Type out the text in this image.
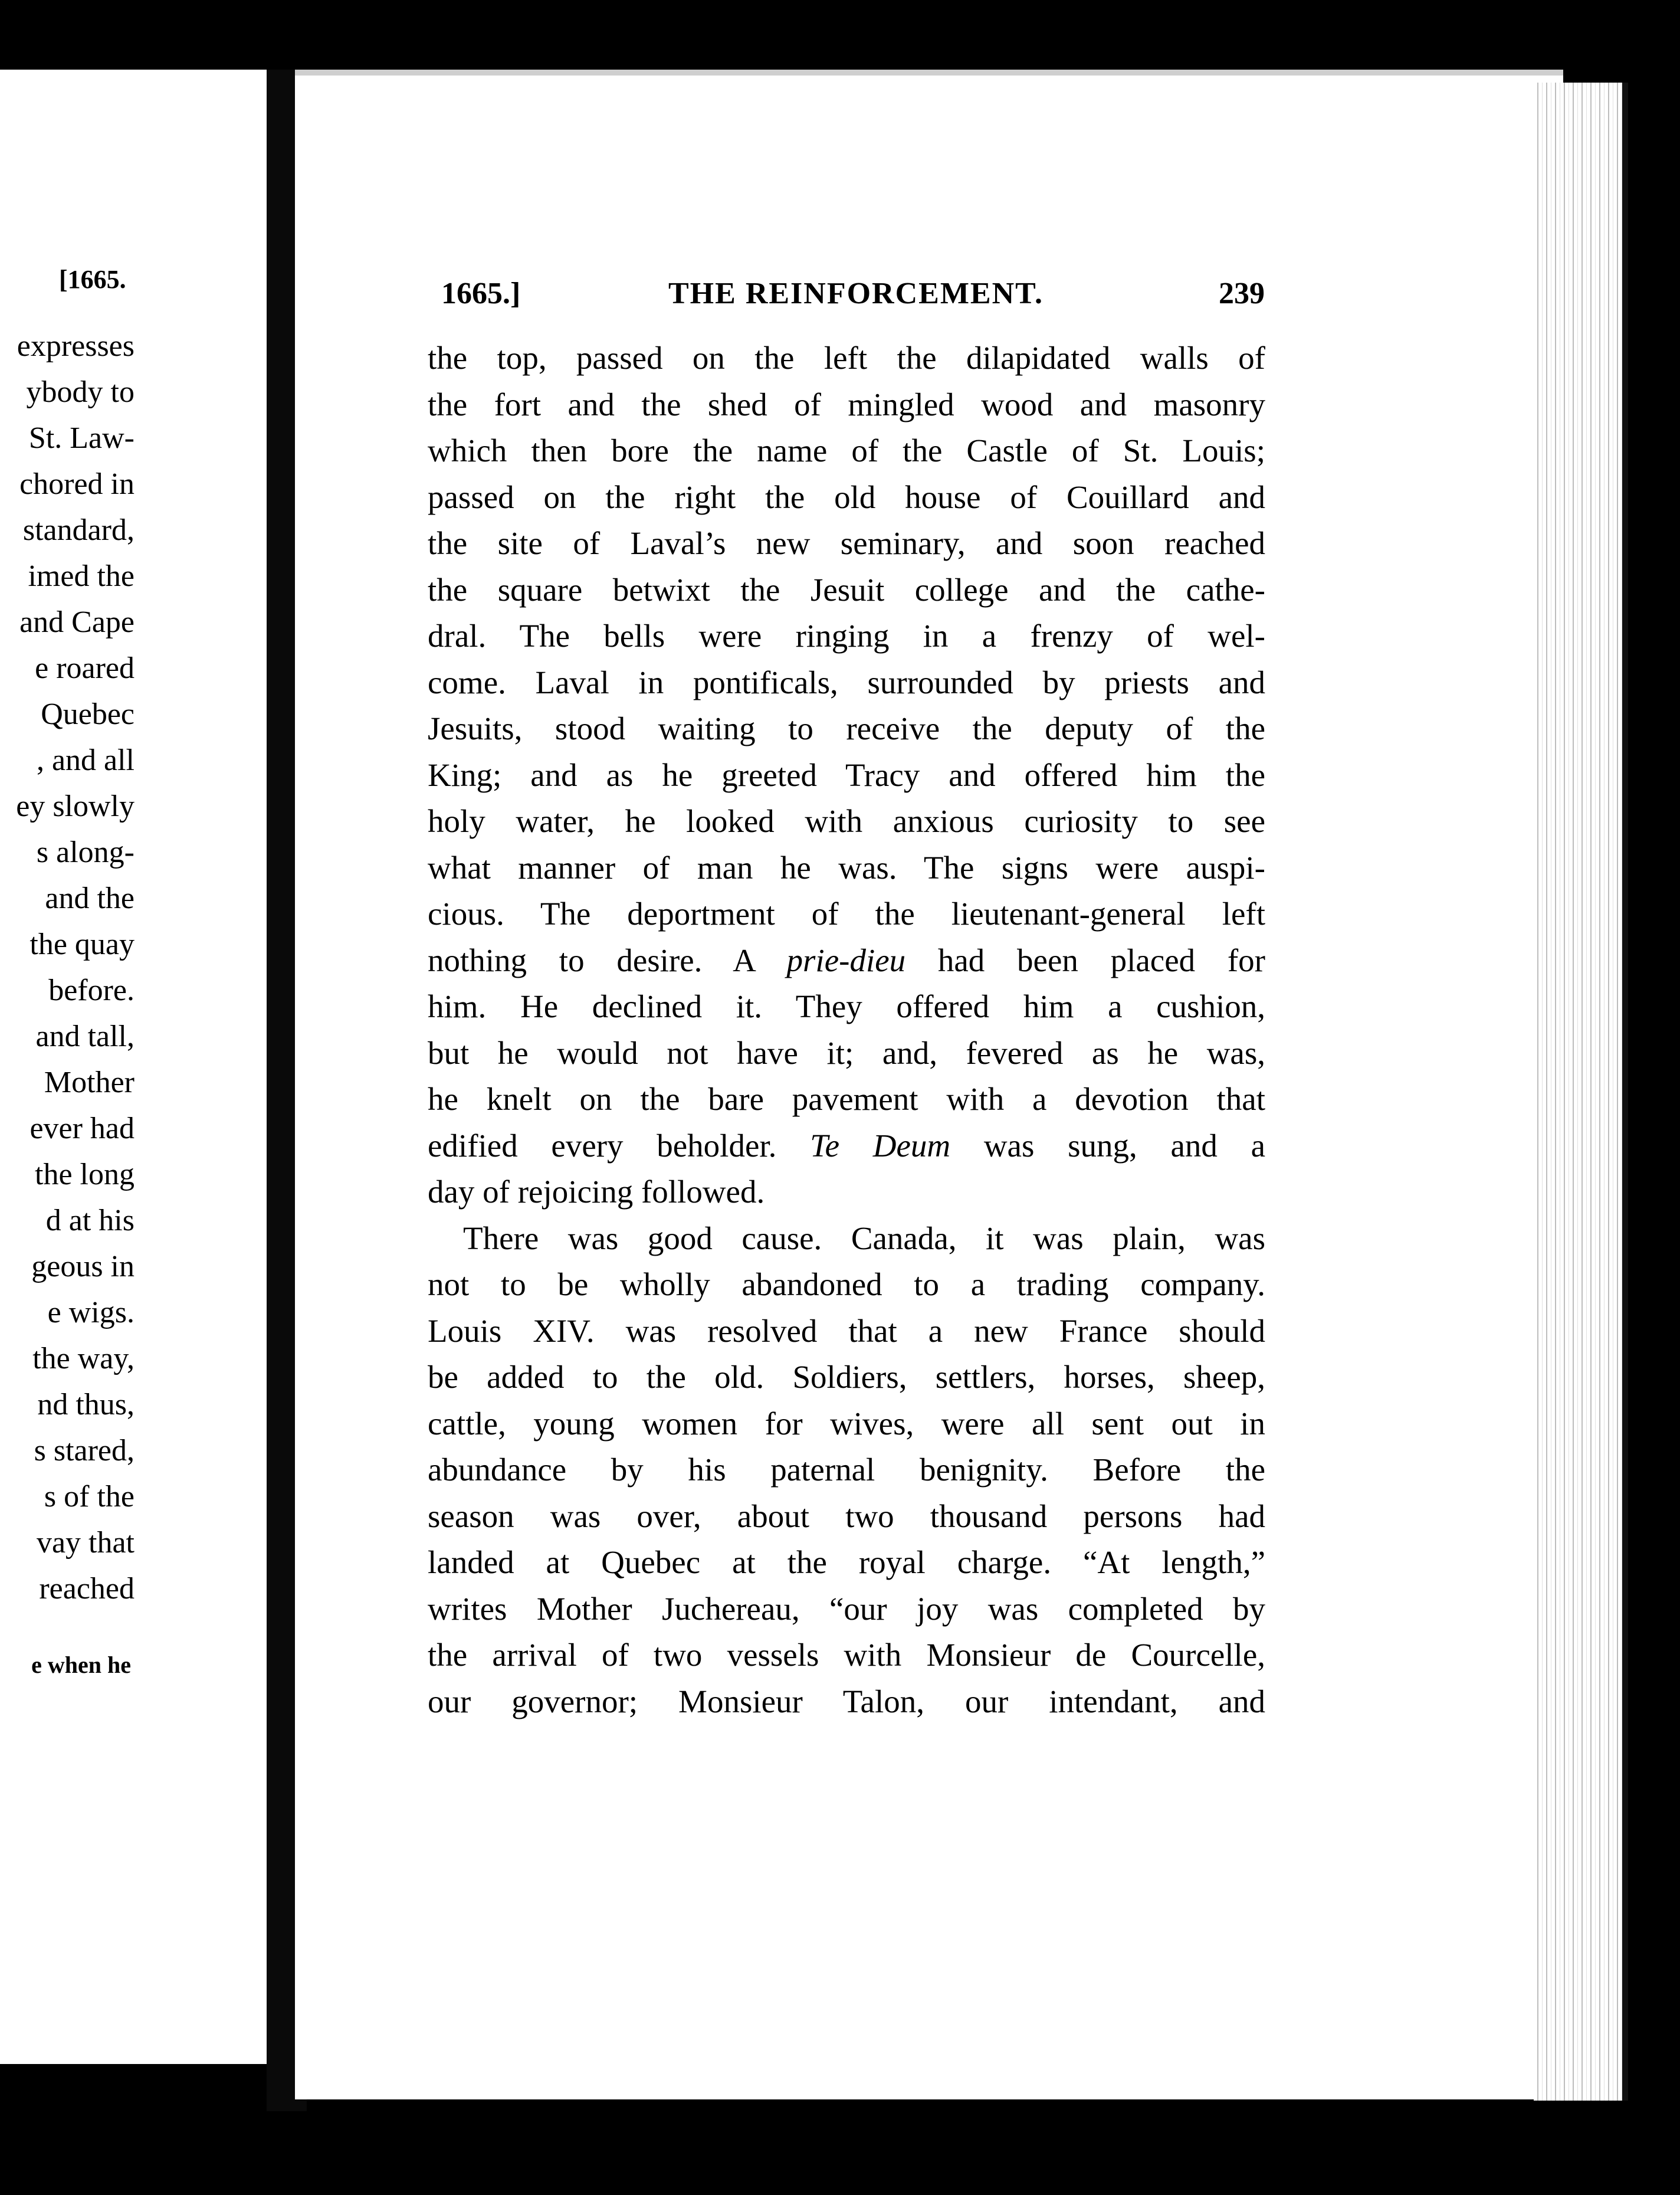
[1665.
expresses
ybody to
St. Law-
chored in
standard,
imed the
and Cape
e roared
Quebec
, and all
ey slowly
s along-
and the
the quay
before.
and tall,
Mother
ever had
the long
d at his
geous in
e wigs.
the way,
nd thus,
s stared,
s of the
vay that
reached
e when he
1665.]	THE REINFORCEMENT.	239
the top, passed on the left the dilapidated walls of
the fort and the shed of mingled wood and masonry
which then bore the name of the Castle of St. Louis;
passed on the right the old house of Couillard and
the site of Laval’s new seminary, and soon reached
the square betwixt the Jesuit college and the cathe-
dral. The bells were ringing in a frenzy of wel-
come. Laval in pontificals, surrounded by priests and
Jesuits, stood waiting to receive the deputy of the
King; and as he greeted Tracy and offered him the
holy water, he looked with anxious curiosity to see
what manner of man he was. The signs were auspi-
cious. The deportment of the lieutenant-general left
nothing to desire. A prie-dieu had been placed for
him. He declined it. They offered him a cushion,
but he would not have it; and, fevered as he was,
he knelt on the bare pavement with a devotion that
edified every beholder. Te Deum was sung, and a
day of rejoicing followed.
There was good cause. Canada, it was plain, was
not to be wholly abandoned to a trading company.
Louis XIV. was resolved that a new France should
be added to the old. Soldiers, settlers, horses, sheep,
cattle, young women for wives, were all sent out in
abundance by his paternal benignity. Before the
season was over, about two thousand persons had
landed at Quebec at the royal charge. “At length,”
writes Mother Juchereau, “our joy was completed by
the arrival of two vessels with Monsieur de Courcelle,
our governor; Monsieur Talon, our intendant, and
